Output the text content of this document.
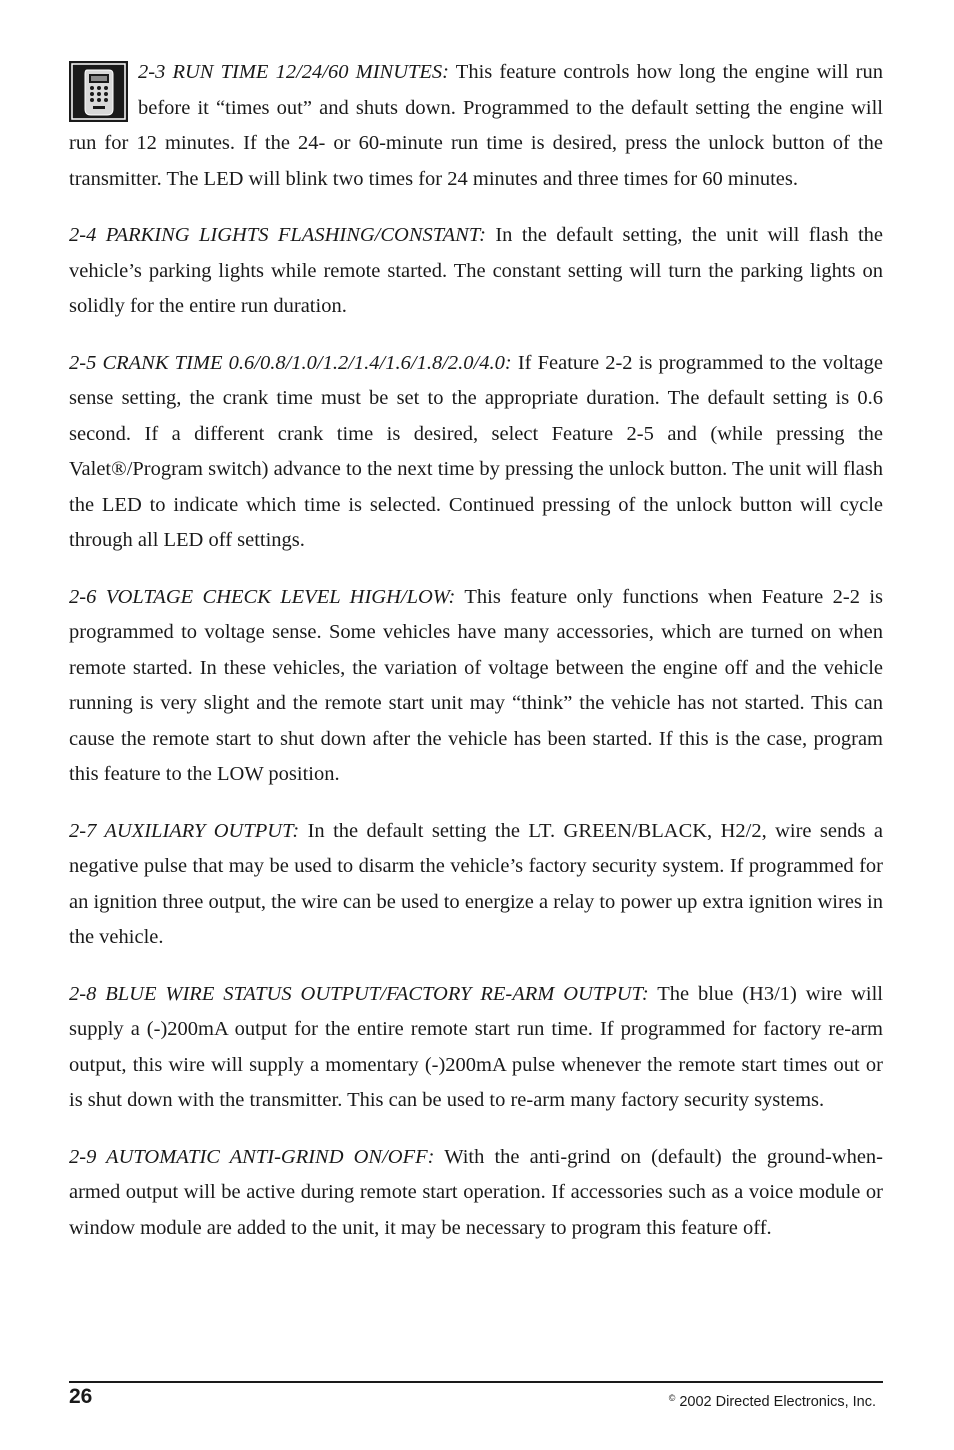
2-3 RUN TIME 12/24/60 MINUTES: This feature controls how long the engine will run before it “times out” and shuts down. Programmed to the default setting the engine will run for 12 minutes. If the 24- or 60-minute run time is desired, press the unlock button of the transmitter. The LED will blink two times for 24 minutes and three times for 60 minutes.

2-4 PARKING LIGHTS FLASHING/CONSTANT: In the default setting, the unit will flash the vehicle’s parking lights while remote started. The constant setting will turn the parking lights on solidly for the entire run duration.

2-5 CRANK TIME 0.6/0.8/1.0/1.2/1.4/1.6/1.8/2.0/4.0: If Feature 2-2 is programmed to the voltage sense setting, the crank time must be set to the appropriate duration. The default setting is 0.6 second. If a different crank time is desired, select Feature 2-5 and (while pressing the Valet®/Program switch) advance to the next time by pressing the unlock button. The unit will flash the LED to indicate which time is selected. Continued pressing of the unlock button will cycle through all LED off settings.

2-6 VOLTAGE CHECK LEVEL HIGH/LOW: This feature only functions when Feature 2-2 is programmed to voltage sense. Some vehicles have many accessories, which are turned on when remote started. In these vehicles, the variation of voltage between the engine off and the vehicle running is very slight and the remote start unit may “think” the vehicle has not started. This can cause the remote start to shut down after the vehicle has been started. If this is the case, program this feature to the LOW position.

2-7 AUXILIARY OUTPUT: In the default setting the LT. GREEN/BLACK, H2/2, wire sends a negative pulse that may be used to disarm the vehicle’s factory security system. If programmed for an ignition three output, the wire can be used to energize a relay to power up extra ignition wires in the vehicle.

2-8 BLUE WIRE STATUS OUTPUT/FACTORY RE-ARM OUTPUT: The blue (H3/1) wire will supply a (-)200mA output for the entire remote start run time. If programmed for factory re-arm output, this wire will supply a momentary (-)200mA pulse whenever the remote start times out or is shut down with the transmitter. This can be used to re-arm many factory security systems.

2-9 AUTOMATIC ANTI-GRIND ON/OFF: With the anti-grind on (default) the ground-when-armed output will be active during remote start operation. If accessories such as a voice module or window module are added to the unit, it may be necessary to program this feature off.

26	© 2002 Directed Electronics, Inc.
